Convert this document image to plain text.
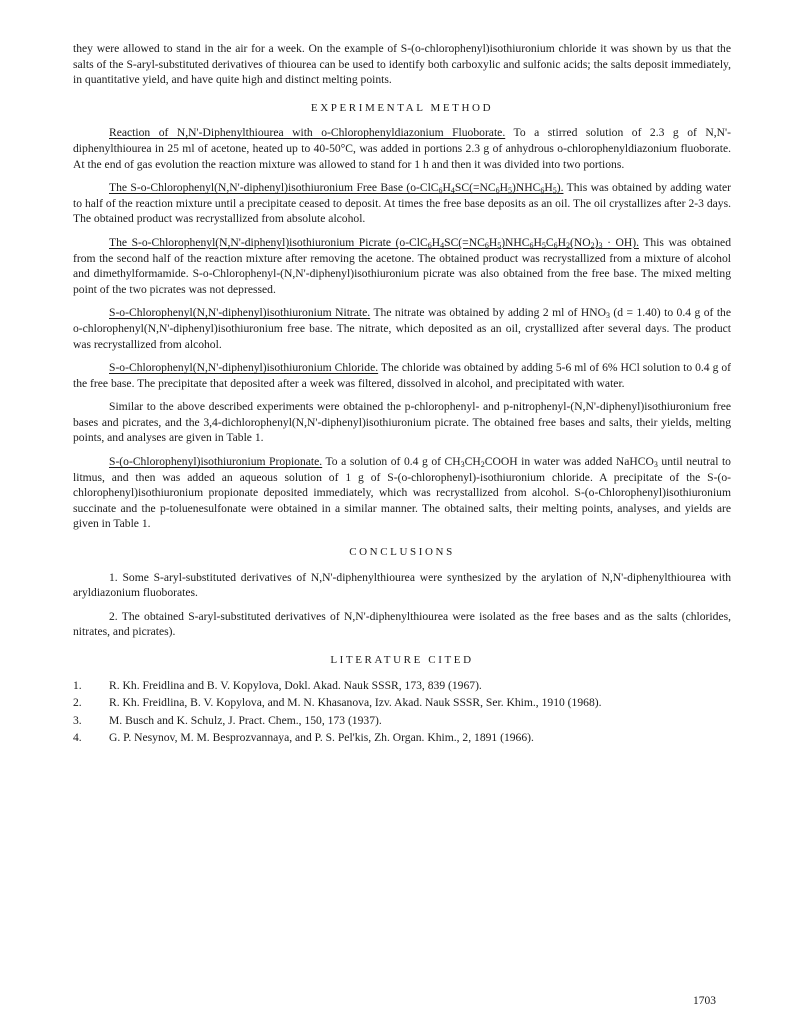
they were allowed to stand in the air for a week. On the example of S-(o-chlorophenyl)isothiuronium chloride it was shown by us that the salts of the S-aryl-substituted derivatives of thiourea can be used to identify both carboxylic and sulfonic acids; the salts deposit immediately, in quantitative yield, and have quite high and distinct melting points.

EXPERIMENTAL METHOD

Reaction of N,N'-Diphenylthiourea with o-Chlorophenyldiazonium Fluoborate. To a stirred solution of 2.3 g of N,N'-diphenylthiourea in 25 ml of acetone, heated up to 40-50°C, was added in portions 2.3 g of anhydrous o-chlorophenyldiazonium fluoborate. At the end of gas evolution the reaction mixture was allowed to stand for 1 h and then it was divided into two portions.

The S-o-Chlorophenyl(N,N'-diphenyl)isothiuronium Free Base $(o-ClC_6H_4SC(=NC_6H_5)NHC_6H_5)$. This was obtained by adding water to half of the reaction mixture until a precipitate ceased to deposit. At times the free base deposits as an oil. The oil crystallizes after 2-3 days. The obtained product was recrystallized from absolute alcohol.

The S-o-Chlorophenyl(N,N'-diphenyl)isothiuronium Picrate $(o-ClC_6H_4SC(=NC_6H_5)NHC_6H_5C_6H_2(NO_2)_3 \cdot OH)$. This was obtained from the second half of the reaction mixture after removing the acetone. The obtained product was recrystallized from a mixture of alcohol and dimethylformamide. S-o-Chlorophenyl-(N,N'-diphenyl)isothiuronium picrate was also obtained from the free base. The mixed melting point of the two picrates was not depressed.

S-o-Chlorophenyl(N,N'-diphenyl)isothiuronium Nitrate. The nitrate was obtained by adding 2 ml of $HNO_3$ (d = 1.40) to 0.4 g of the o-chlorophenyl(N,N'-diphenyl)isothiuronium free base. The nitrate, which deposited as an oil, crystallized after several days. The product was recrystallized from alcohol.

S-o-Chlorophenyl(N,N'-diphenyl)isothiuronium Chloride. The chloride was obtained by adding 5-6 ml of 6% HCl solution to 0.4 g of the free base. The precipitate that deposited after a week was filtered, dissolved in alcohol, and precipitated with water.

Similar to the above described experiments were obtained the p-chlorophenyl- and p-nitrophenyl-(N,N'-diphenyl)isothiuronium free bases and picrates, and the 3,4-dichlorophenyl(N,N'-diphenyl)isothiuronium picrate. The obtained free bases and salts, their yields, melting points, and analyses are given in Table 1.

S-(o-Chlorophenyl)isothiuronium Propionate. To a solution of 0.4 g of $CH_3CH_2COOH$ in water was added NaHCO$_3$ until neutral to litmus, and then was added an aqueous solution of 1 g of S-(o-chlorophenyl)-isothiuronium chloride. A precipitate of the S-(o-chlorophenyl)isothiuronium propionate deposited immediately, which was recrystallized from alcohol. S-(o-Chlorophenyl)isothiuronium succinate and the p-toluenesulfonate were obtained in a similar manner. The obtained salts, their melting points, analyses, and yields are given in Table 1.

CONCLUSIONS

1. Some S-aryl-substituted derivatives of N,N'-diphenylthiourea were synthesized by the arylation of N,N'-diphenylthiourea with aryldiazonium fluoborates.

2. The obtained S-aryl-substituted derivatives of N,N'-diphenylthiourea were isolated as the free bases and as the salts (chlorides, nitrates, and picrates).

LITERATURE CITED
1. R. Kh. Freidlina and B. V. Kopylova, Dokl. Akad. Nauk SSSR, 173, 839 (1967).
2. R. Kh. Freidlina, B. V. Kopylova, and M. N. Khasanova, Izv. Akad. Nauk SSSR, Ser. Khim., 1910 (1968).
3. M. Busch and K. Schulz, J. Pract. Chem., 150, 173 (1937).
4. G. P. Nesynov, M. M. Besprozvannaya, and P. S. Pel'kis, Zh. Organ. Khim., 2, 1891 (1966).
1703
